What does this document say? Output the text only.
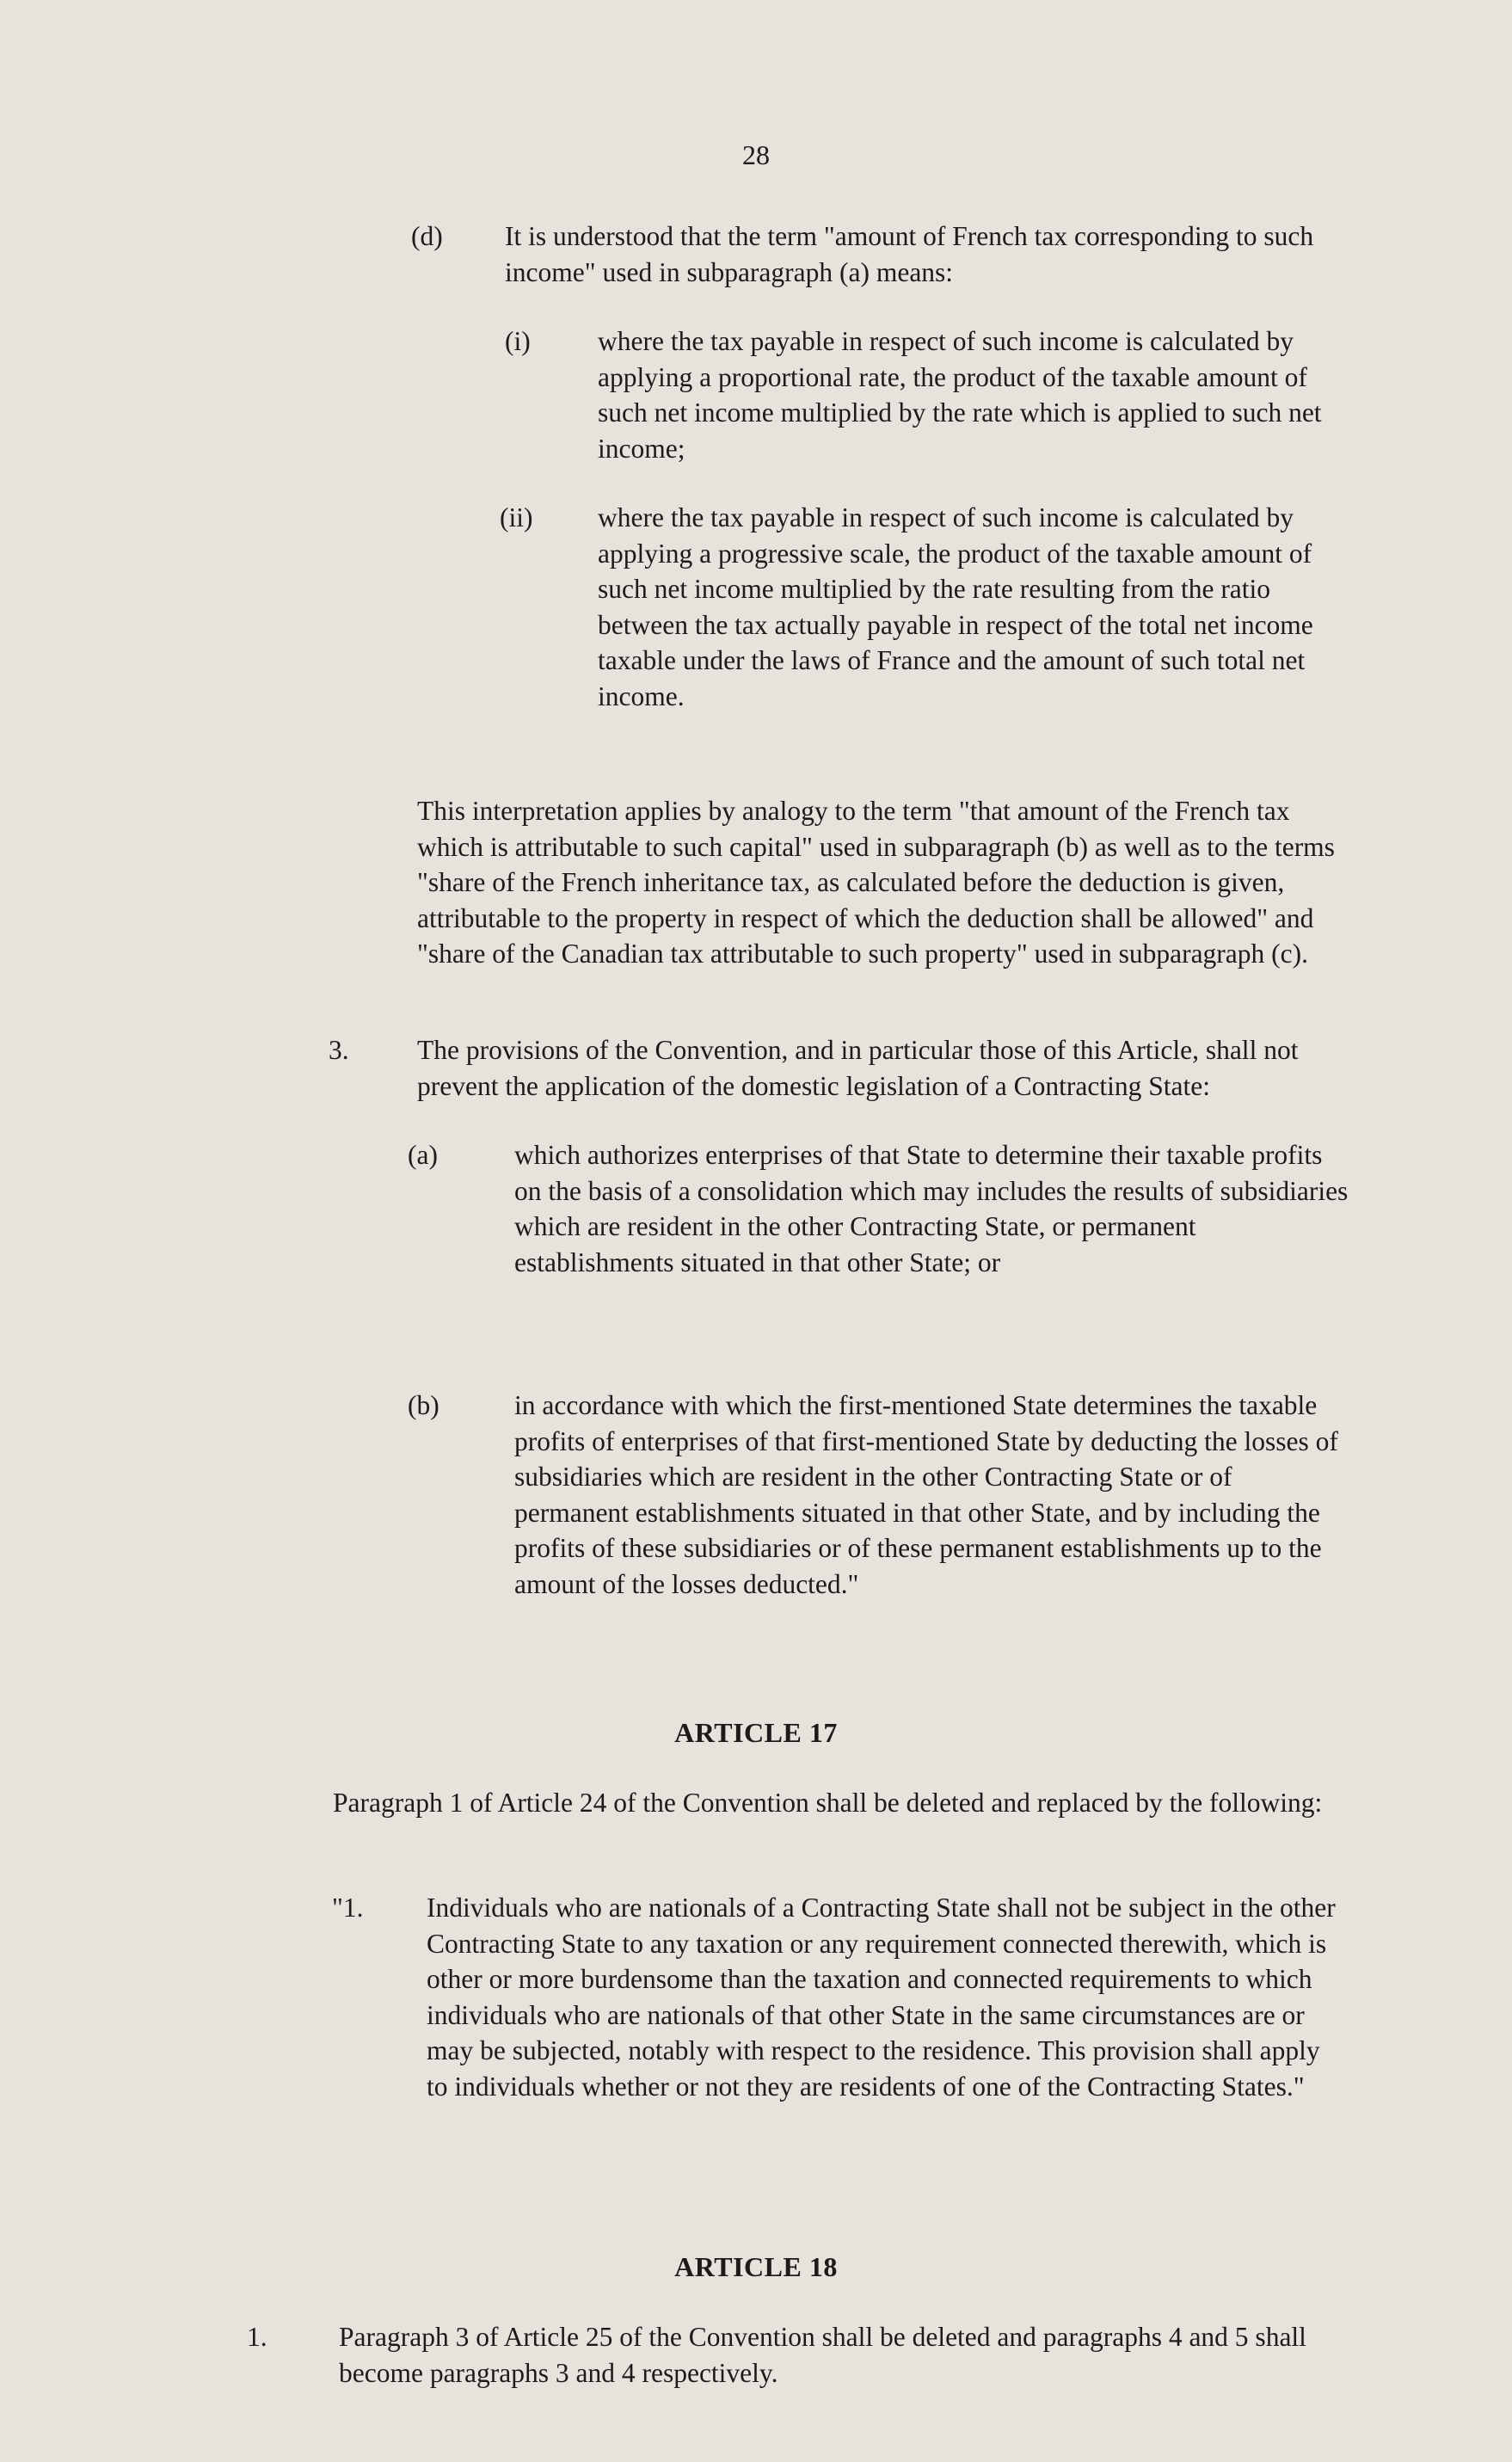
28
(d) It is understood that the term "amount of French tax corresponding to such income" used in subparagraph (a) means:
(i) where the tax payable in respect of such income is calculated by applying a proportional rate, the product of the taxable amount of such net income multiplied by the rate which is applied to such net income;
(ii) where the tax payable in respect of such income is calculated by applying a progressive scale, the product of the taxable amount of such net income multiplied by the rate resulting from the ratio between the tax actually payable in respect of the total net income taxable under the laws of France and the amount of such total net income.
This interpretation applies by analogy to the term "that amount of the French tax which is attributable to such capital" used in subparagraph (b) as well as to the terms "share of the French inheritance tax, as calculated before the deduction is given, attributable to the property in respect of which the deduction shall be allowed" and "share of the Canadian tax attributable to such property" used in subparagraph (c).
3.	The provisions of the Convention, and in particular those of this Article, shall not prevent the application of the domestic legislation of a Contracting State:
(a)	which authorizes enterprises of that State to determine their taxable profits on the basis of a consolidation which may includes the results of subsidiaries which are resident in the other Contracting State, or permanent establishments situated in that other State; or
(b)	in accordance with which the first-mentioned State determines the taxable profits of enterprises of that first-mentioned State by deducting the losses of subsidiaries which are resident in the other Contracting State or of permanent establishments situated in that other State, and by including the profits of these subsidiaries or of these permanent establishments up to the amount of the losses deducted."
ARTICLE 17
Paragraph 1 of Article 24 of the Convention shall be deleted and replaced by the following:
"1. Individuals who are nationals of a Contracting State shall not be subject in the other Contracting State to any taxation or any requirement connected therewith, which is other or more burdensome than the taxation and connected requirements to which individuals who are nationals of that other State in the same circumstances are or may be subjected, notably with respect to the residence. This provision shall apply to individuals whether or not they are residents of one of the Contracting States."
ARTICLE 18
1.	Paragraph 3 of Article 25 of the Convention shall be deleted and paragraphs 4 and 5 shall become paragraphs 3 and 4 respectively.
